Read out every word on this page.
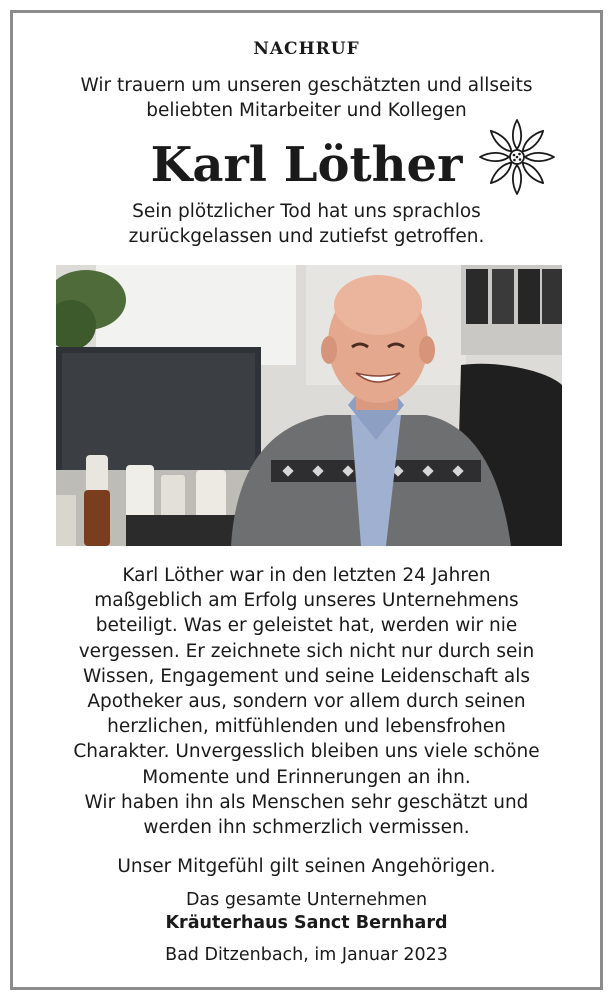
NACHRUF
Wir trauern um unseren geschätzten und allseits
beliebten Mitarbeiter und Kollegen
Karl Löther
Sein plötzlicher Tod hat uns sprachlos
zurückgelassen und zutiefst getroffen.
Karl Löther war in den letzten 24 Jahren
maßgeblich am Erfolg unseres Unternehmens
beteiligt. Was er geleistet hat, werden wir nie
vergessen. Er zeichnete sich nicht nur durch sein
Wissen, Engagement und seine Leidenschaft als
Apotheker aus, sondern vor allem durch seinen
herzlichen, mitfühlenden und lebensfrohen
Charakter. Unvergesslich bleiben uns viele schöne
Momente und Erinnerungen an ihn.
Wir haben ihn als Menschen sehr geschätzt und
werden ihn schmerzlich vermissen.
Unser Mitgefühl gilt seinen Angehörigen.
Das gesamte Unternehmen
Kräuterhaus Sanct Bernhard
Bad Ditzenbach, im Januar 2023
